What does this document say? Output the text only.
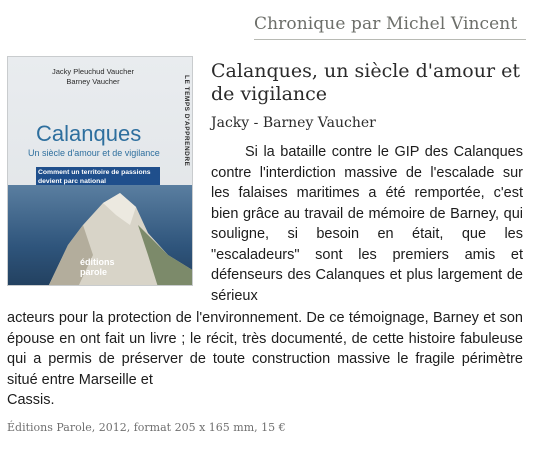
Chronique par Michel Vincent
Jacky Pleuchud Vaucher
Barney Vaucher	LE TEMPS D'APPRENDRE
Calanques
Un siècle d'amour et de vigilance
Comment un territoire de passions
devient parc national
éditions
parole
Calanques, un siècle d'amour et de vigilance
Jacky - Barney Vaucher
Si la bataille contre le GIP des Calanques contre l'interdiction massive de l'escalade sur les falaises maritimes a été remportée, c'est bien grâce au travail de mémoire de Barney, qui souligne, si besoin en était, que les "escaladeurs" sont les premiers amis et défenseurs des Calanques et plus largement de sérieux
acteurs pour la protection de l'environnement. De ce témoignage, Barney et son épouse en ont fait un livre ; le récit, très documenté, de cette histoire fabuleuse qui a permis de préserver de toute construction massive le fragile périmètre situé entre Marseille et
Cassis.
Éditions Parole, 2012, format 205 x 165 mm, 15 €
